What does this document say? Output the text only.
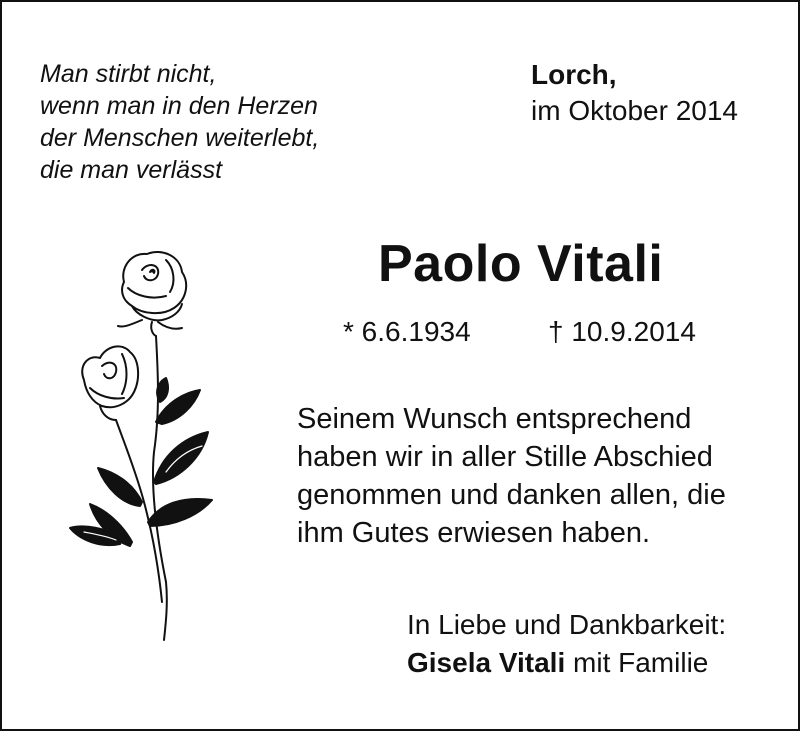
Man stirbt nicht,
wenn man in den Herzen
der Menschen weiterlebt,
die man verlässt

Lorch,
im Oktober 2014
Paolo Vitali
* 6.6.1934	† 10.9.2014

Seinem Wunsch entsprechend
haben wir in aller Stille Abschied
genommen und danken allen, die
ihm Gutes erwiesen haben.

In Liebe und Dankbarkeit:
Gisela Vitali mit Familie
